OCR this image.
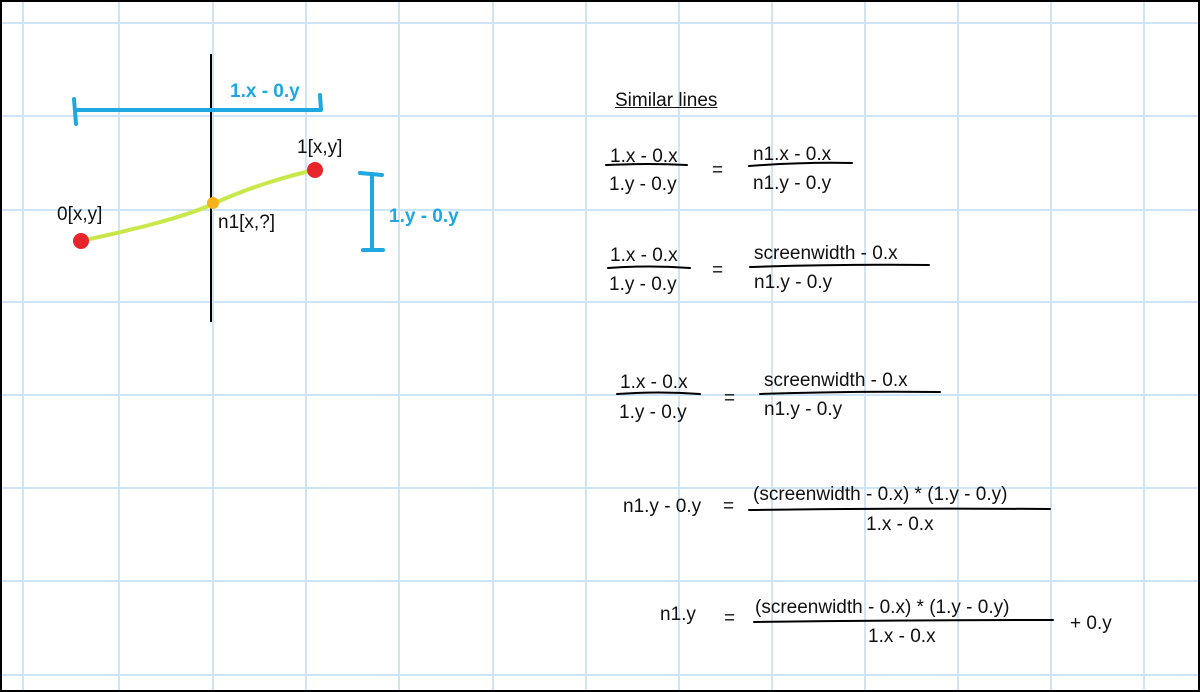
0[x,y]
1[x,y]
n1[x,?]
1.x - 0.y
1.y - 0.y
Similar lines
1.x - 0.x
1.y - 0.y
=
n1.x - 0.x
n1.y - 0.y
1.x - 0.x
1.y - 0.y
=
screenwidth - 0.x
n1.y - 0.y
1.x - 0.x
1.y - 0.y
=
screenwidth - 0.x
n1.y - 0.y
n1.y - 0.y =
(screenwidth - 0.x) * (1.y - 0.y)
1.x - 0.x
n1.y =
(screenwidth - 0.x) * (1.y - 0.y)
1.x - 0.x
+ 0.y
